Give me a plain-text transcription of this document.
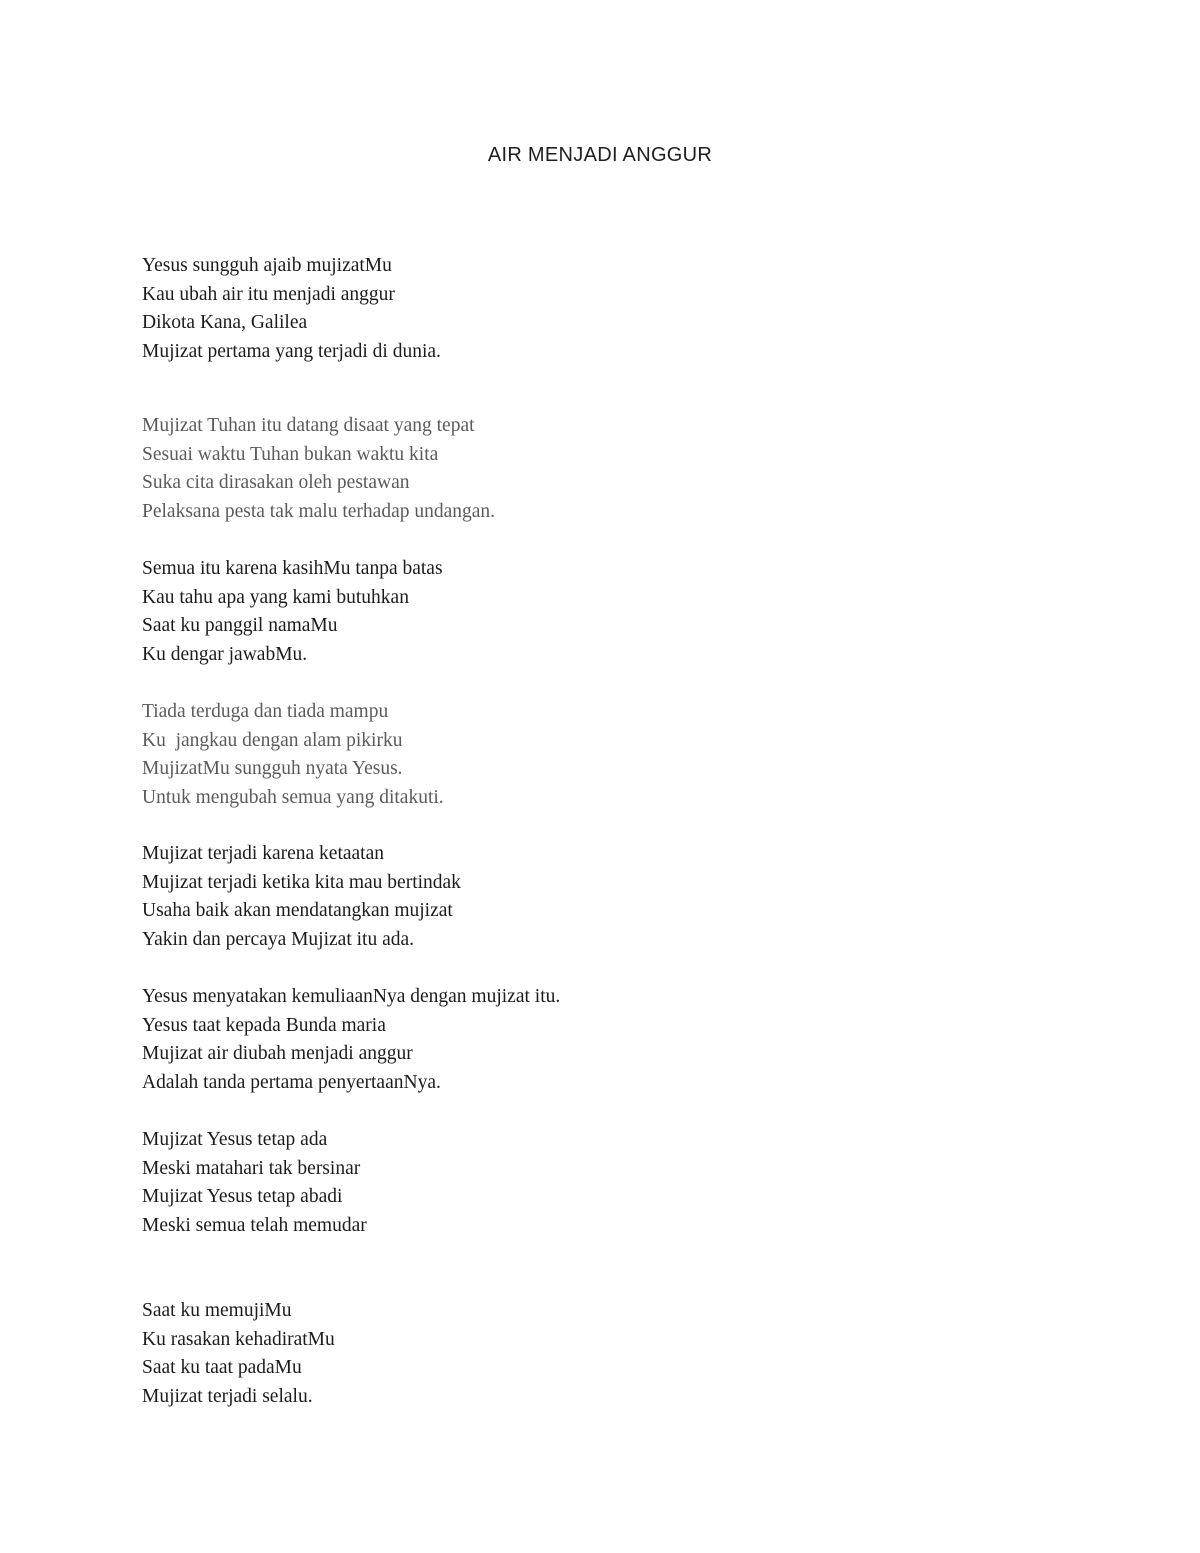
AIR MENJADI ANGGUR
Yesus sungguh ajaib mujizatMu
Kau ubah air itu menjadi anggur
Dikota Kana, Galilea
Mujizat pertama yang terjadi di dunia.
Mujizat Tuhan itu datang disaat yang tepat
Sesuai waktu Tuhan bukan waktu kita
Suka cita dirasakan oleh pestawan
Pelaksana pesta tak malu terhadap undangan.
Semua itu karena kasihMu tanpa batas
Kau tahu apa yang kami butuhkan
Saat ku panggil namaMu
Ku dengar jawabMu.
Tiada terduga dan tiada mampu
Ku  jangkau dengan alam pikirku
MujizatMu sungguh nyata Yesus.
Untuk mengubah semua yang ditakuti.
Mujizat terjadi karena ketaatan
Mujizat terjadi ketika kita mau bertindak
Usaha baik akan mendatangkan mujizat
Yakin dan percaya Mujizat itu ada.
Yesus menyatakan kemuliaanNya dengan mujizat itu.
Yesus taat kepada Bunda maria
Mujizat air diubah menjadi anggur
Adalah tanda pertama penyertaanNya.
Mujizat Yesus tetap ada
Meski matahari tak bersinar
Mujizat Yesus tetap abadi
Meski semua telah memudar
Saat ku memujiMu
Ku rasakan kehadiratMu
Saat ku taat padaMu
Mujizat terjadi selalu.
